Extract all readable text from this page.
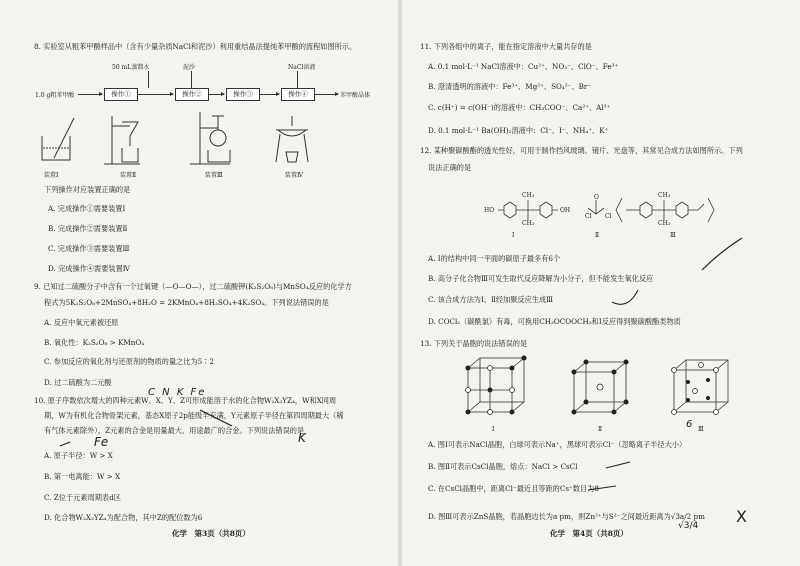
8. 实验室从粗苯甲酸样品中（含有少量杂质NaCl和泥沙）利用重结晶法提纯苯甲酸的流程如图所示。
1.0 g粗苯甲酸	操作①	操作②	操作③	操作④	苯甲酸晶体
50 mL蒸馏水	泥沙	NaCl溶液
装置Ⅰ	装置Ⅱ	装置Ⅲ	装置Ⅳ
下列操作对应装置正确的是
A. 完成操作①需要装置Ⅰ
B. 完成操作②需要装置Ⅱ
C. 完成操作③需要装置Ⅲ
D. 完成操作④需要装置Ⅳ
9. 已知过二硫酸分子中含有一个过氧键（—O—O—），过二硫酸钾(K₂S₂O₈)与MnSO₄反应的化学方
程式为5K₂S₂O₈+2MnSO₄+8H₂O = 2KMnO₄+8H₂SO₄+4K₂SO₄。下列说法错误的是
A. 反应中氧元素被还原
B. 氧化性：K₂S₂O₈ > KMnO₄
C. 参加反应的氧化剂与还原剂的物质的量之比为5∶2
D. 过二硫酸为二元酸
10. 原子序数依次增大的四种元素W、X、Y、Z可形成能溶于水的化合物W₂X₃YZ₄，W和X同周
期，W为有机化合物骨架元素，基态X原子2p能级半充满，Y元素原子半径在第四周期最大（稀
有气体元素除外），Z元素的合金是用量最大、用途最广的合金。下列说法错误的是
A. 原子半径：W > X
B. 第一电离能：W > X
C. Z位于元素周期表d区
D. 化合物W₂X₃YZ₄为配合物，其中Z的配位数为6
Fe	K
C N K Fe
化学　第3页（共8页）
11. 下列各组中的离子，能在指定溶液中大量共存的是
A. 0.1 mol·L⁻¹ NaCl溶液中：Cu²⁺、NO₃⁻、ClO⁻、Fe³⁺
B. 澄清透明的溶液中：Fe³⁺、Mg²⁺、SO₄²⁻、Br⁻
C. c(H⁺) = c(OH⁻)的溶液中：CH₃COO⁻、Ca²⁺、Al³⁺
D. 0.1 mol·L⁻¹ Ba(OH)₂溶液中：Cl⁻、I⁻、NH₄⁺、K⁺
12. 某种聚碳酸酯的透光性好，可用于制作挡风玻璃、镜片、光盘等，其常见合成方法如图所示。下列
说法正确的是
HO	OH
CH₃
CH₃
O
Cl Cl
CH₃
CH₃
Ⅰ	Ⅱ	Ⅲ
A. Ⅰ的结构中同一平面的碳原子最多有6个
B. 高分子化合物Ⅲ可发生取代反应降解为小分子，但不能发生氧化反应
C. 该合成方法为Ⅰ、Ⅱ经加聚反应生成Ⅲ
D. COCl₂（碳酰氯）有毒，可换用CH₃OCOOCH₃和Ⅰ反应得到聚碳酸酯类物质
13. 下列关于晶胞的说法错误的是
Ⅰ	Ⅱ	Ⅲ
6
A. 图Ⅰ可表示NaCl晶胞，白球可表示Na⁺，黑球可表示Cl⁻（忽略离子半径大小）
B. 图Ⅱ可表示CsCl晶胞，熔点：NaCl > CsCl
C. 在CsCl晶胞中，距离Cl⁻最近且等距的Cs⁺数目为8
D. 图Ⅲ可表示ZnS晶胞，若晶胞边长为a pm，则Zn²⁺与S²⁻之间最近距离为√3a/2 pm X
√3/4
化学　第4页（共8页）
